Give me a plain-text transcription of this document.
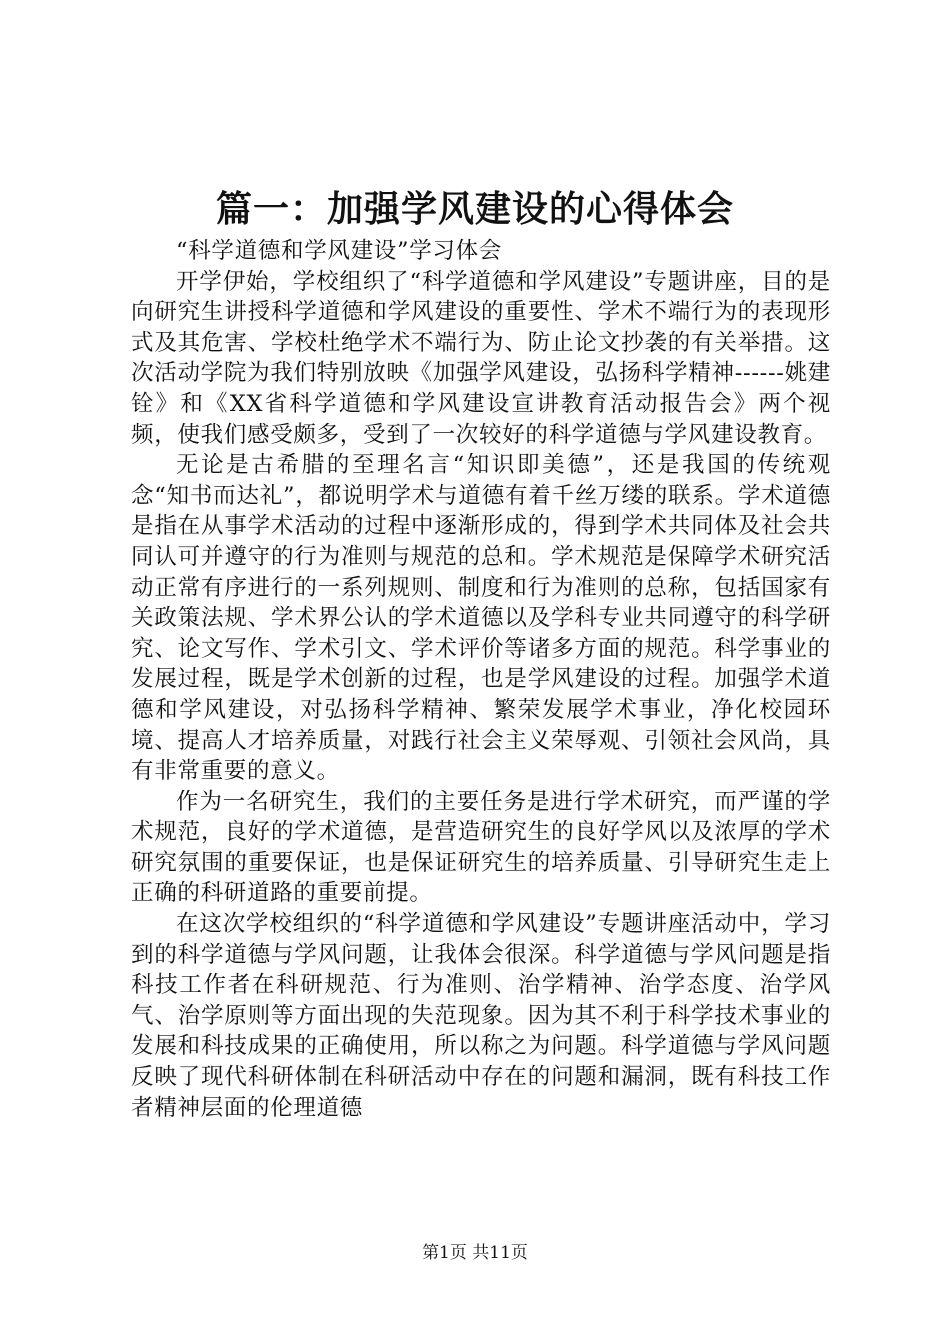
篇一：加强学风建设的心得体会

“科学道德和学风建设”学习体会

开学伊始，学校组织了“科学道德和学风建设”专题讲座，目的是向研究生讲授科学道德和学风建设的重要性、学术不端行为的表现形式及其危害、学校杜绝学术不端行为、防止论文抄袭的有关举措。这次活动学院为我们特别放映《加强学风建设，弘扬科学精神------姚建铨》和《XX省科学道德和学风建设宣讲教育活动报告会》两个视频，使我们感受颇多，受到了一次较好的科学道德与学风建设教育。

无论是古希腊的至理名言“知识即美德”，还是我国的传统观念“知书而达礼”，都说明学术与道德有着千丝万缕的联系。学术道德是指在从事学术活动的过程中逐渐形成的，得到学术共同体及社会共同认可并遵守的行为准则与规范的总和。学术规范是保障学术研究活动正常有序进行的一系列规则、制度和行为准则的总称，包括国家有关政策法规、学术界公认的学术道德以及学科专业共同遵守的科学研究、论文写作、学术引文、学术评价等诸多方面的规范。科学事业的发展过程，既是学术创新的过程，也是学风建设的过程。加强学术道德和学风建设，对弘扬科学精神、繁荣发展学术事业，净化校园环境、提高人才培养质量，对践行社会主义荣辱观、引领社会风尚，具有非常重要的意义。

作为一名研究生，我们的主要任务是进行学术研究，而严谨的学术规范，良好的学术道德，是营造研究生的良好学风以及浓厚的学术研究氛围的重要保证，也是保证研究生的培养质量、引导研究生走上正确的科研道路的重要前提。

在这次学校组织的“科学道德和学风建设”专题讲座活动中，学习到的科学道德与学风问题，让我体会很深。科学道德与学风问题是指科技工作者在科研规范、行为准则、治学精神、治学态度、治学风气、治学原则等方面出现的失范现象。因为其不利于科学技术事业的发展和科技成果的正确使用，所以称之为问题。科学道德与学风问题反映了现代科研体制在科研活动中存在的问题和漏洞，既有科技工作者精神层面的伦理道德

第1页 共11页
